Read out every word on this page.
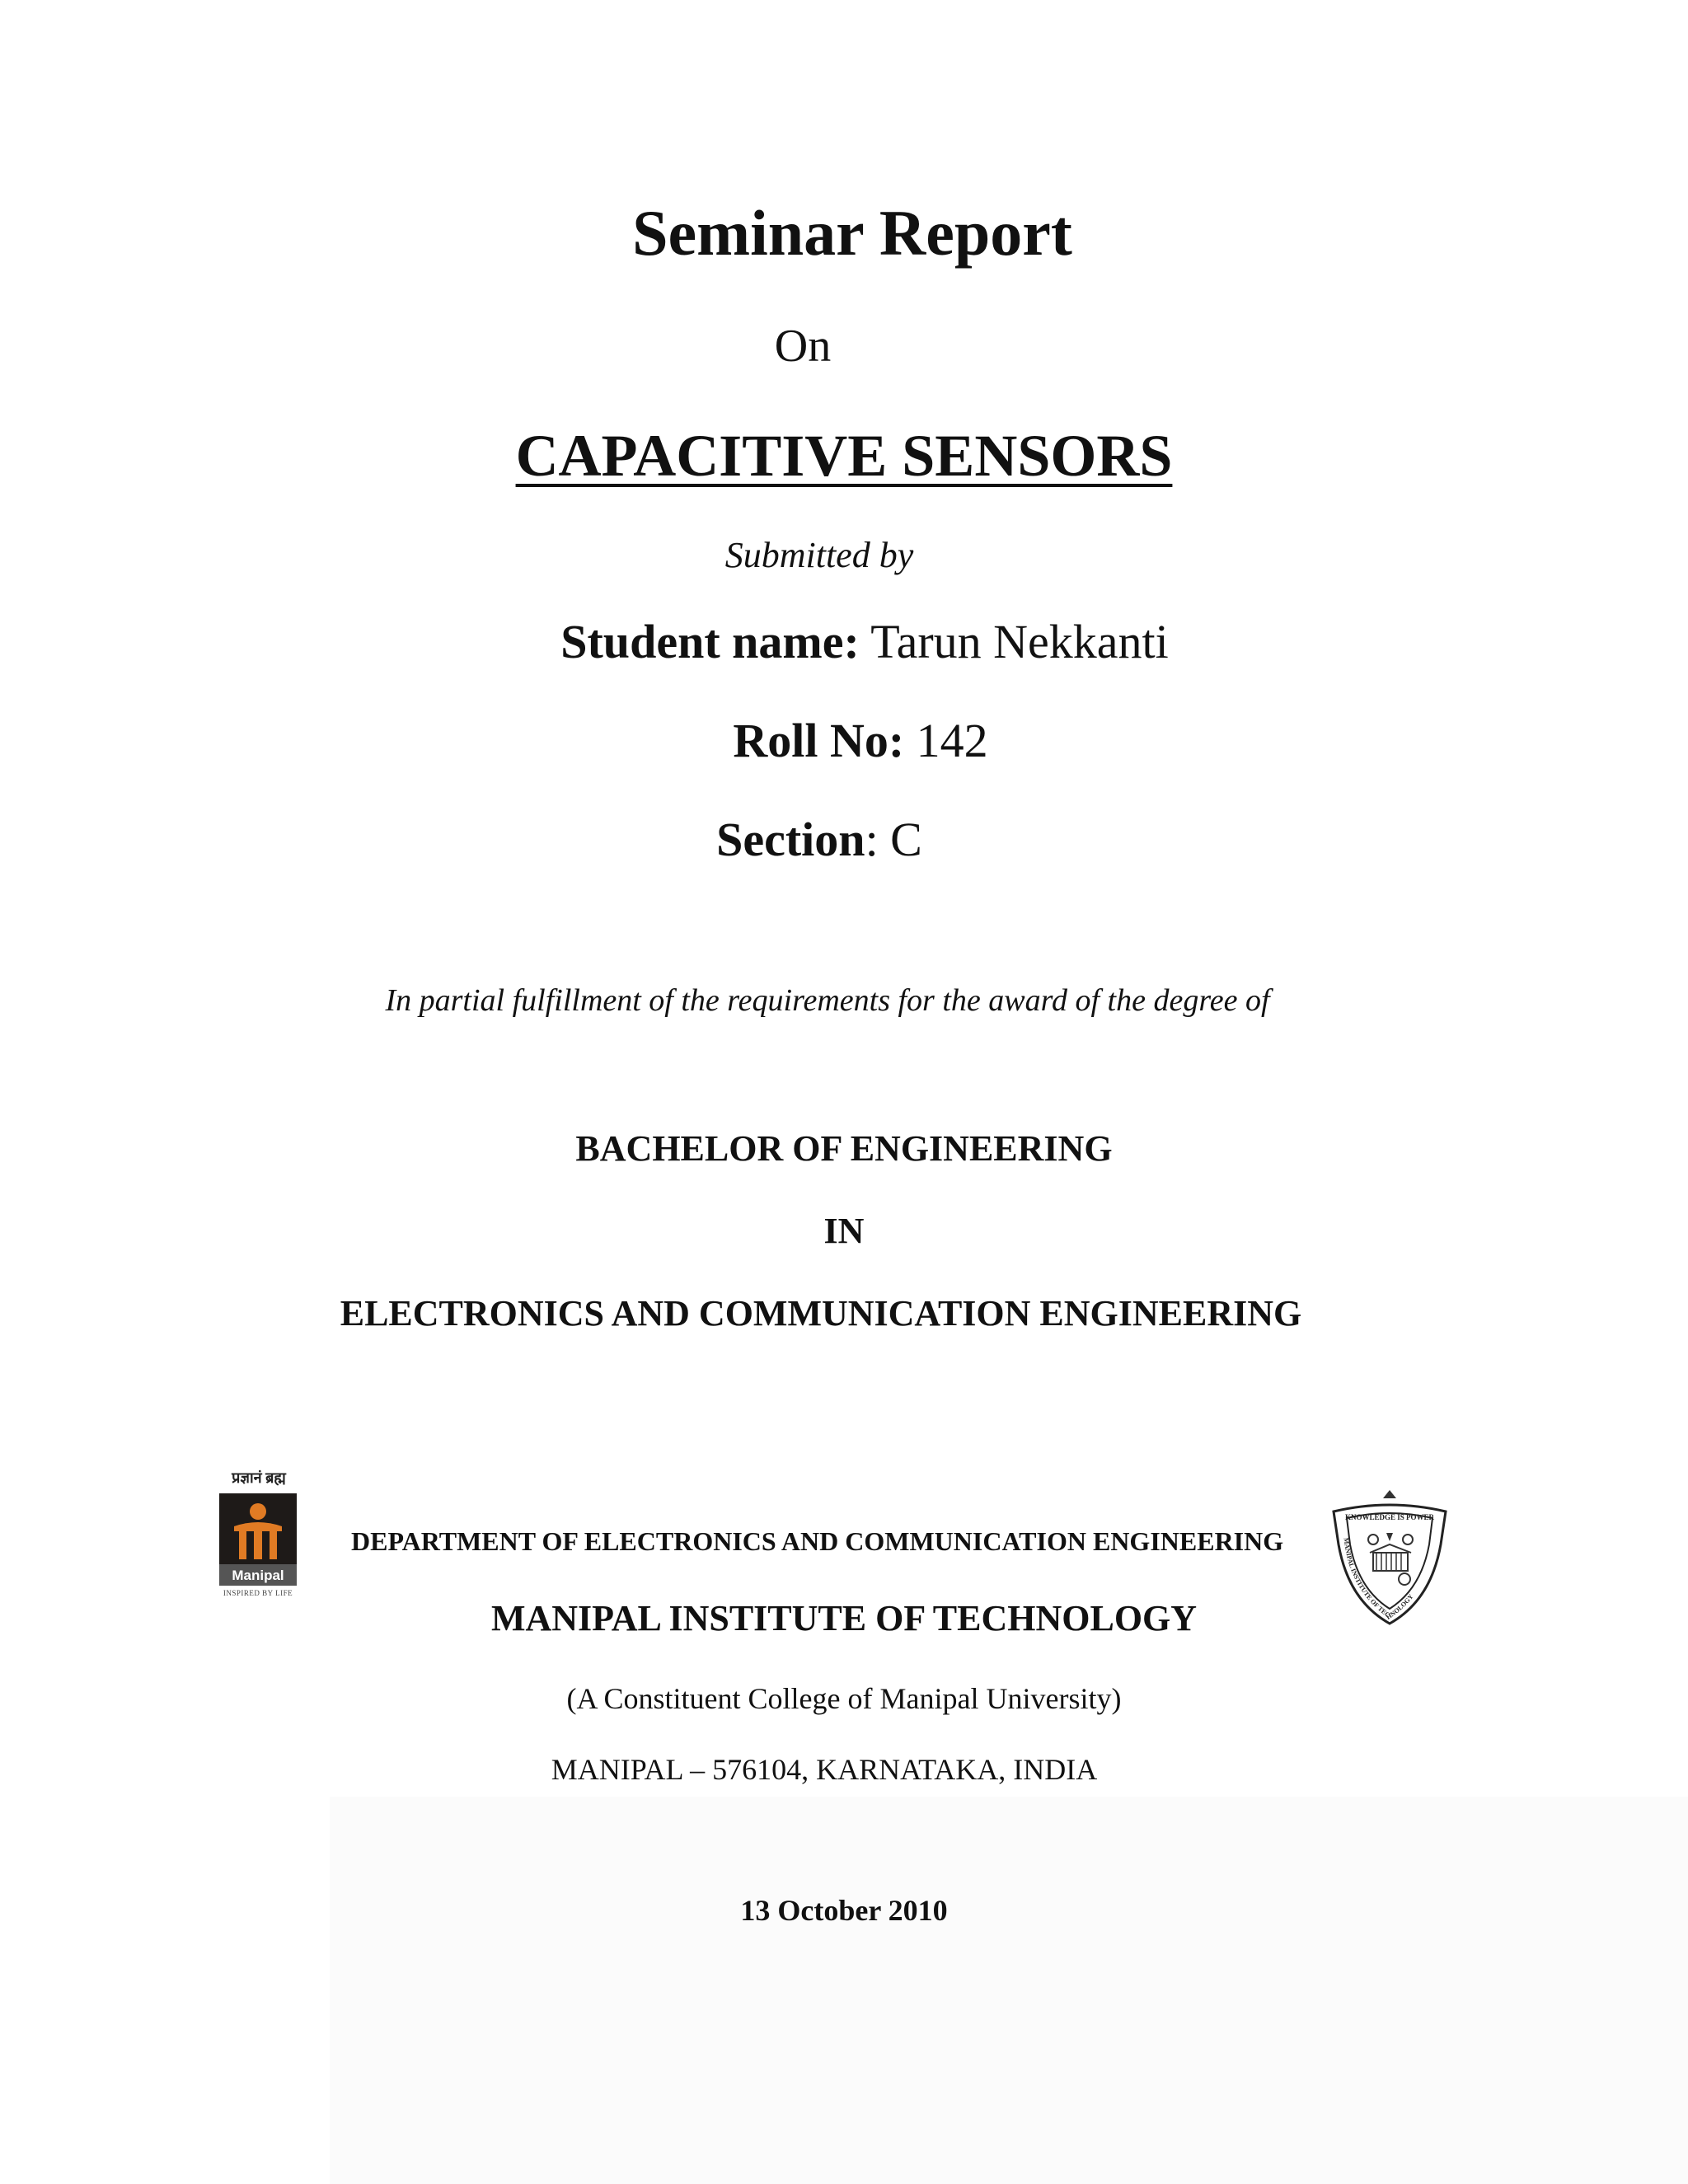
Seminar Report
On
CAPACITIVE SENSORS
Submitted by
Student name: Tarun Nekkanti
Roll No: 142
Section: C
In partial fulfillment of the requirements for the award of the degree of
BACHELOR OF ENGINEERING
IN
ELECTRONICS AND COMMUNICATION ENGINEERING
प्रज्ञानं ब्रह्म
Manipal
INSPIRED BY LIFE
DEPARTMENT OF ELECTRONICS AND COMMUNICATION ENGINEERING
KNOWLEDGE IS POWER
MANIPAL INSTITUTE OF TECHNOLOGY
MANIPAL INSTITUTE OF TECHNOLOGY
(A Constituent College of Manipal University)
MANIPAL – 576104, KARNATAKA, INDIA
13 October 2010
